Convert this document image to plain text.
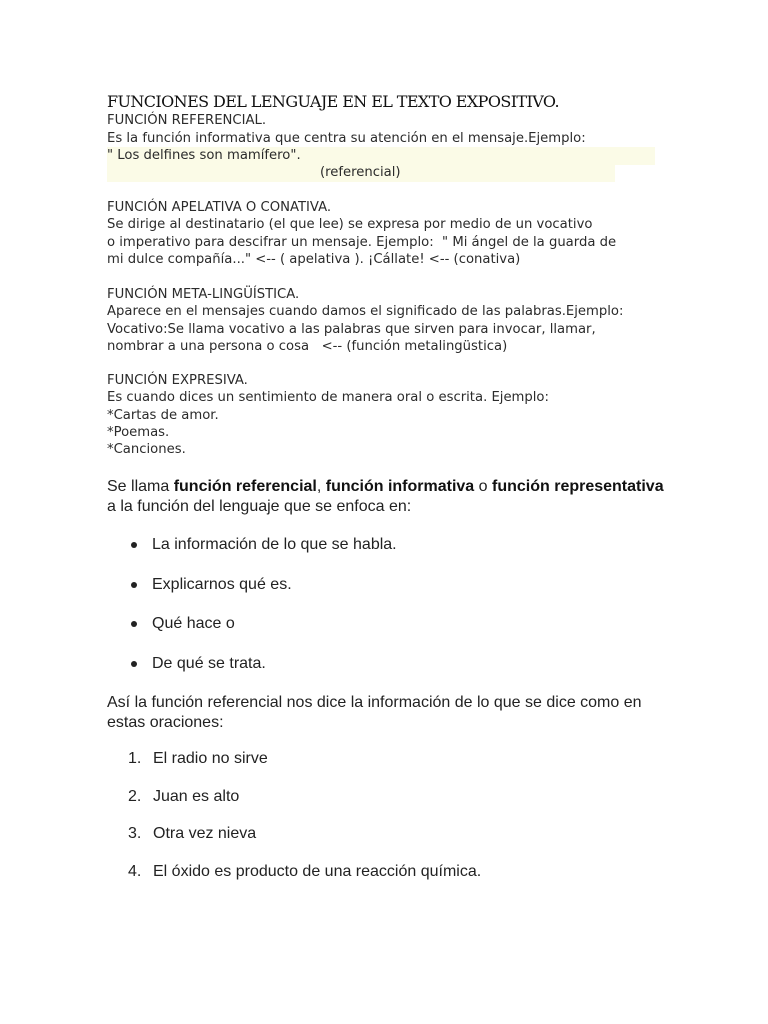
FUNCIONES DEL LENGUAJE EN EL TEXTO EXPOSITIVO.
FUNCIÓN REFERENCIAL.
Es la función informativa que centra su atención en el mensaje.Ejemplo:
" Los delfines son mamífero".
(referencial)
FUNCIÓN APELATIVA O CONATIVA.
Se dirige al destinatario (el que lee) se expresa por medio de un vocativo
o imperativo para descifrar un mensaje. Ejemplo:  " Mi ángel de la guarda de
mi dulce compañía..." <-- ( apelativa ). ¡Cállate! <-- (conativa)
FUNCIÓN META-LINGÜÍSTICA.
Aparece en el mensajes cuando damos el significado de las palabras.Ejemplo:
Vocativo:Se llama vocativo a las palabras que sirven para invocar, llamar,
nombrar a una persona o cosa   <-- (función metalingüstica)
FUNCIÓN EXPRESIVA.
Es cuando dices un sentimiento de manera oral o escrita. Ejemplo:
*Cartas de amor.
*Poemas.
*Canciones.

Se llama función referencial, función informativa o función representativa a la función del lenguaje que se enfoca en:

La información de lo que se habla.
Explicarnos qué es.
Qué hace o
De qué se trata.

Así la función referencial nos dice la información de lo que se dice como en estas oraciones:

1. El radio no sirve
2. Juan es alto
3. Otra vez nieva
4. El óxido es producto de una reacción química.
